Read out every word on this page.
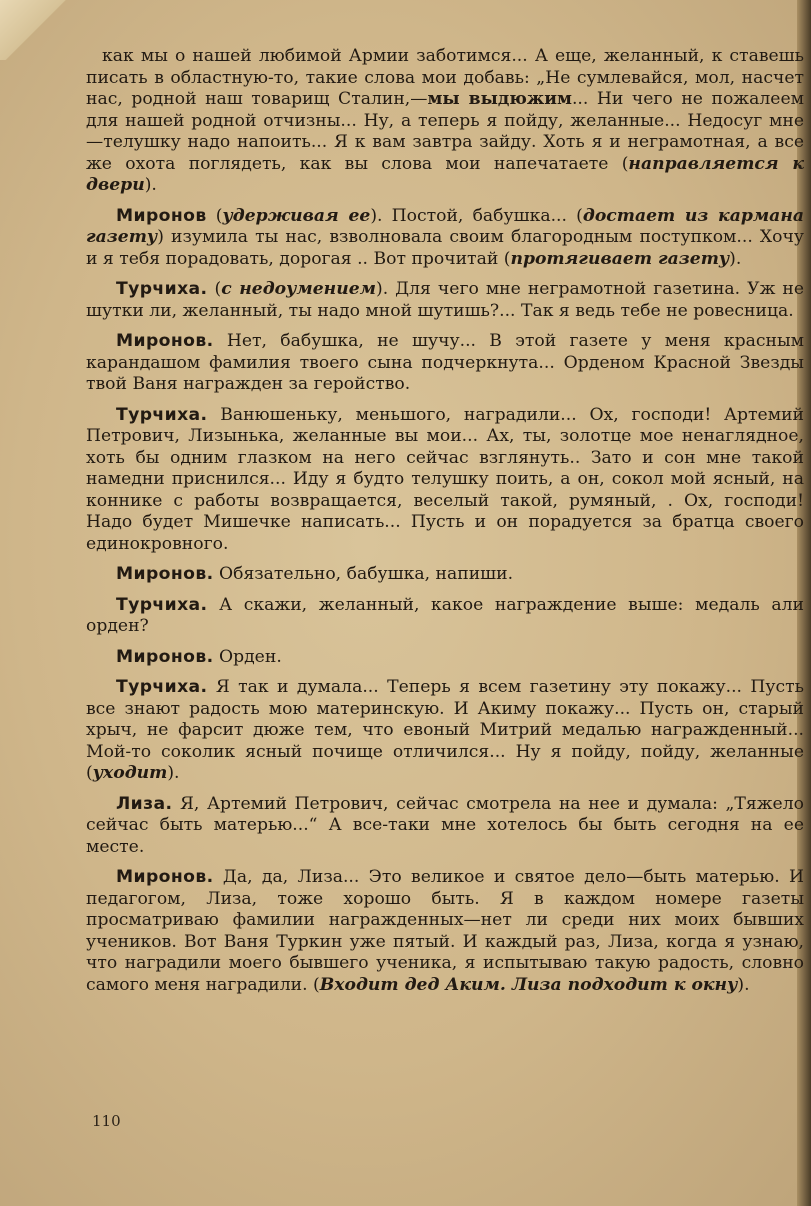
как мы о нашей любимой Армии заботимся... А еще, желанный, к ставешь писать в областную-то, такие слова мои добавь: „Не сумлевайся, мол, насчет нас, родной наш товарищ Сталин,—мы выдюжим... Ни чего не пожалеем для нашей родной отчизны... Ну, а теперь я пойду, желанные... Недосуг мне—телушку надо напоить... Я к вам завтра зайду. Хоть я и неграмотная, а все же охота поглядеть, как вы слова мои напечатаете (направляется к двери).

Миронов (удерживая ее). Постой, бабушка... (достает из кармана газету) изумила ты нас, взволновала своим благородным поступком... Хочу и я тебя порадовать, дорогая .. Вот прочитай (протягивает газету).

Турчиха. (с недоумением). Для чего мне неграмотной газетина. Уж не шутки ли, желанный, ты надо мной шутишь?... Так я ведь тебе не ровесница.

Миронов. Нет, бабушка, не шучу... В этой газете у меня красным карандашом фамилия твоего сына подчеркнута... Орденом Красной Звезды твой Ваня награжден за геройство.

Турчиха. Ванюшеньку, меньшого, наградили... Ох, господи! Артемий Петрович, Лизынька, желанные вы мои... Ах, ты, золотце мое ненаглядное, хоть бы одним глазком на него сейчас взглянуть.. Зато и сон мне такой намедни приснился... Иду я будто телушку поить, а он, сокол мой ясный, на коннике с работы возвращается, веселый такой, румяный, . Ох, господи! Надо будет Мишечке написать... Пусть и он порадуется за братца своего единокровного.

Миронов. Обязательно, бабушка, напиши.

Турчиха. А скажи, желанный, какое награждение выше: медаль али орден?

Миронов. Орден.

Турчиха. Я так и думала... Теперь я всем газетину эту покажу... Пусть все знают радость мою материнскую. И Акиму покажу... Пусть он, старый хрыч, не фарсит дюже тем, что евоный Митрий медалью награжденный... Мой-то соколик ясный почище отличился... Ну я пойду, пойду, желанные (уходит).

Лиза. Я, Артемий Петрович, сейчас смотрела на нее и думала: „Тяжело сейчас быть матерью...“ А все-таки мне хотелось бы быть сегодня на ее месте.

Миронов. Да, да, Лиза... Это великое и святое дело—быть матерью. И педагогом, Лиза, тоже хорошо быть. Я в каждом номере газеты просматриваю фамилии награжденных—нет ли среди них моих бывших учеников. Вот Ваня Туркин уже пятый. И каждый раз, Лиза, когда я узнаю, что наградили моего бывшего ученика, я испытываю такую радость, словно самого меня наградили. (Входит дед Аким. Лиза подходит к окну).

110
